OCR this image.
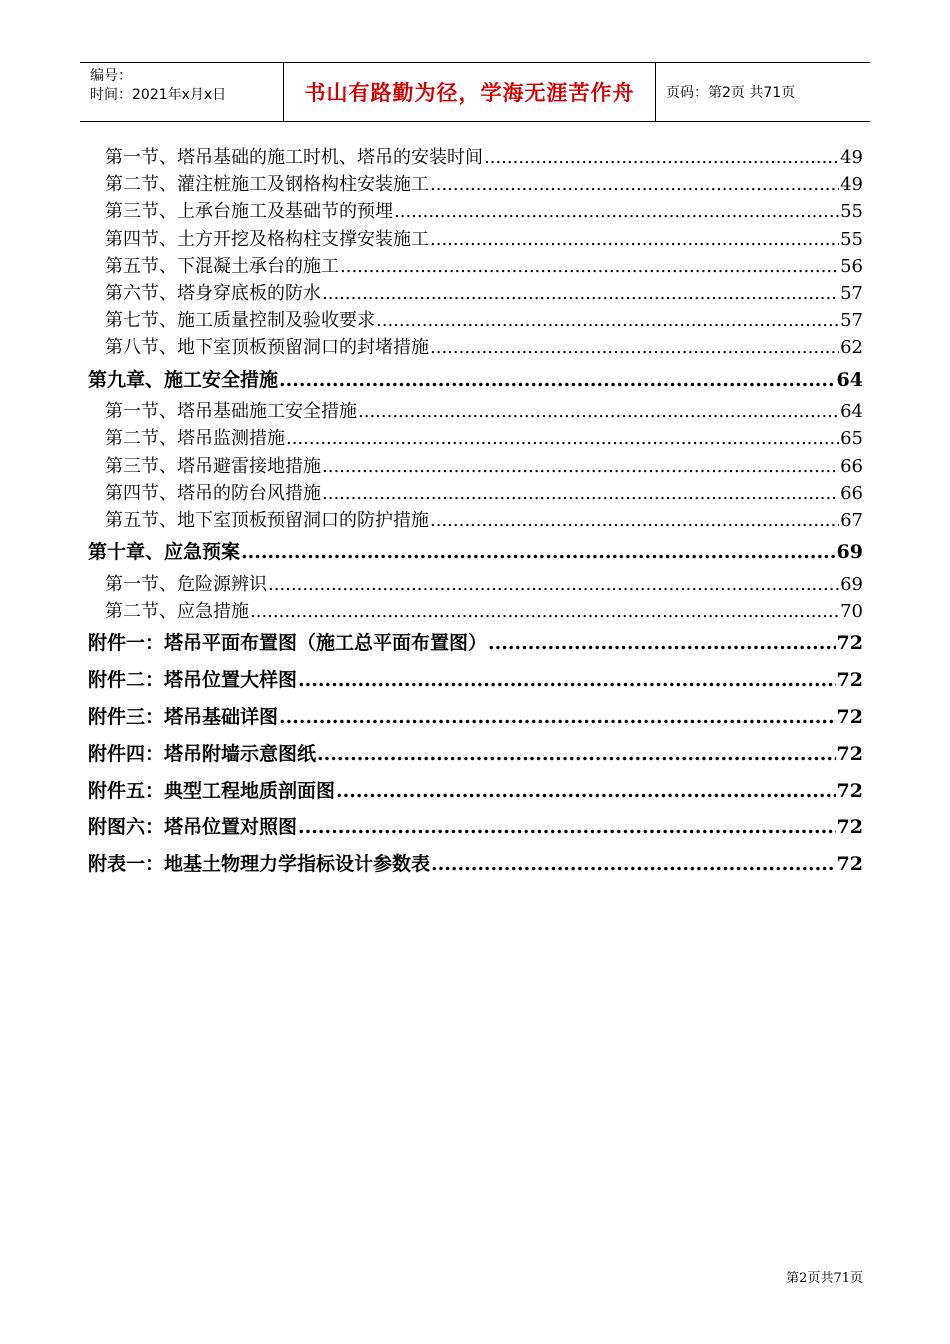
编号：
时间：2021年x月x日	书山有路勤为径，学海无涯苦作舟	页码：第2页 共71页
第一节、塔吊基础的施工时机、塔吊的安装时间 .....	49
第二节、灌注桩施工及钢格构柱安装施工 .....	49
第三节、上承台施工及基础节的预埋 .....	55
第四节、土方开挖及格构柱支撑安装施工 .....	55
第五节、下混凝土承台的施工 .....	56
第六节、塔身穿底板的防水 .....	57
第七节、施工质量控制及验收要求 .....	57
第八节、地下室顶板预留洞口的封堵措施 .....	62
第九章、施工安全措施 .....	64
第一节、塔吊基础施工安全措施 .....	64
第二节、塔吊监测措施 .....	65
第三节、塔吊避雷接地措施 .....	66
第四节、塔吊的防台风措施 .....	66
第五节、地下室顶板预留洞口的防护措施 .....	67
第十章、应急预案 .....	69
第一节、危险源辨识 .....	69
第二节、应急措施 .....	70
附件一：塔吊平面布置图（施工总平面布置图） .....	72
附件二：塔吊位置大样图 .....	72
附件三：塔吊基础详图 .....	72
附件四：塔吊附墙示意图纸 .....	72
附件五：典型工程地质剖面图 .....	72
附图六：塔吊位置对照图 .....	72
附表一：地基土物理力学指标设计参数表 .....	72
第2页共71页
